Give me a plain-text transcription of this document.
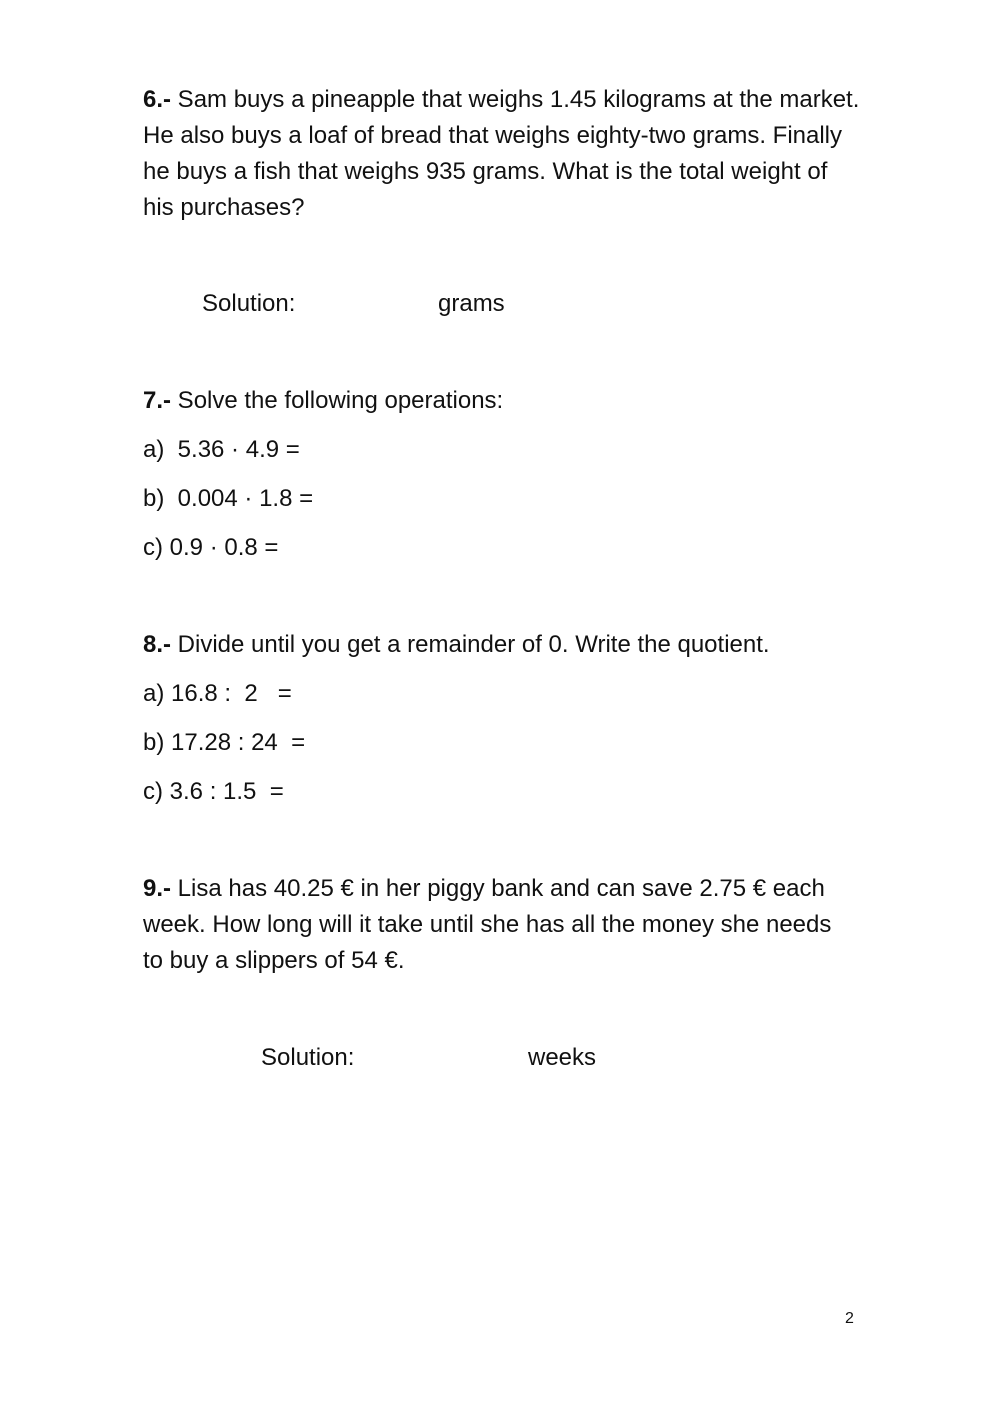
6.- Sam buys a pineapple that weighs 1.45 kilograms at the market. He also buys a loaf of bread that weighs eighty-two grams. Finally he buys a fish that weighs 935 grams. What is the total weight of his purchases?
Solution:	grams
7.- Solve the following operations:
a)  5.36 · 4.9 =
b)  0.004 · 1.8 =
c) 0.9 · 0.8 =
8.- Divide until you get a remainder of 0. Write the quotient.
a) 16.8 :  2   =
b) 17.28 : 24  =
c) 3.6 : 1.5  =
9.- Lisa has 40.25 € in her piggy bank and can save 2.75 € each week. How long will it take until she has all the money she needs to buy a slippers of 54 €.
Solution:	weeks
2
